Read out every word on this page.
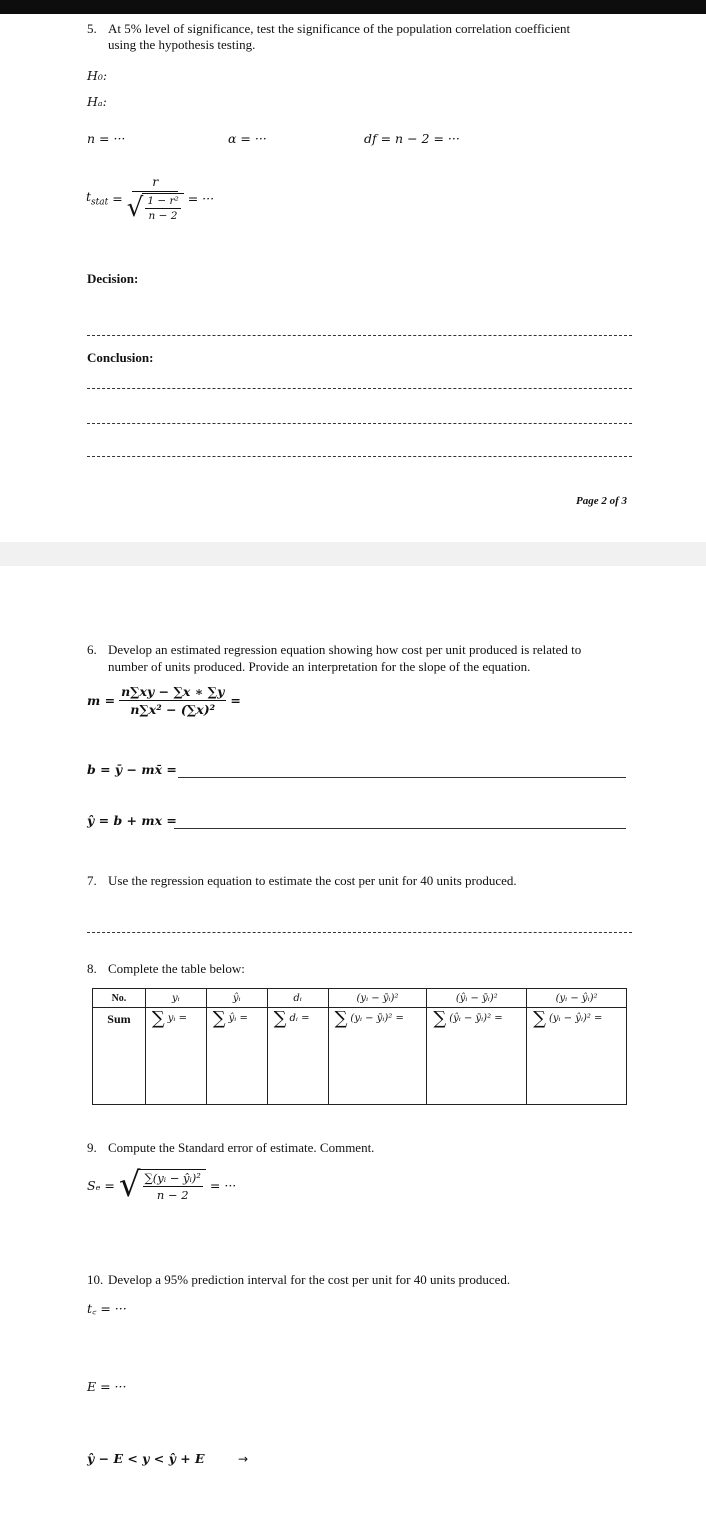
5. At 5% level of significance, test the significance of the population correlation coefficient
using the hypothesis testing.
H₀:
Hₐ:
n = ···	α = ···	df = n − 2 = ···
$t_{stat}$ =
r
√ $\frac{\text{1 − r²}}{n - 2}$ = ···
Decision:
Conclusion:
Page 2 of 3
6. Develop an estimated regression equation showing how cost per unit produced is related to
number of units produced. Provide an interpretation for the slope of the equation.
$m = \frac{n\sum xy - \sum x ∗ \sum y}{\text{n∑x² − (∑x)²}}$ =
b = ȳ − mx̄ =
ŷ = b + mx =
7. Use the regression equation to estimate the cost per unit for 40 units produced.
8. Complete the table below:
No.	yᵢ	ŷᵢ	dᵢ	(yᵢ − ȳᵢ)²	(ŷᵢ − ȳᵢ)²	(yᵢ − ŷᵢ)²
Sum	∑ yᵢ =	∑ ŷᵢ =	∑ dᵢ =	∑ (yᵢ − ȳᵢ)² =	∑ (ŷᵢ − ȳᵢ)² =	∑ (yᵢ − ŷᵢ)² =
9. Compute the Standard error of estimate. Comment.
Sₑ = √ $\frac{\text{∑(yᵢ − ŷᵢ)²}}{n - 2}$ = ···
10. Develop a 95% prediction interval for the cost per unit for 40 units produced.
t꜀ = ···
E = ···
ŷ − E < y < ŷ + E	→
